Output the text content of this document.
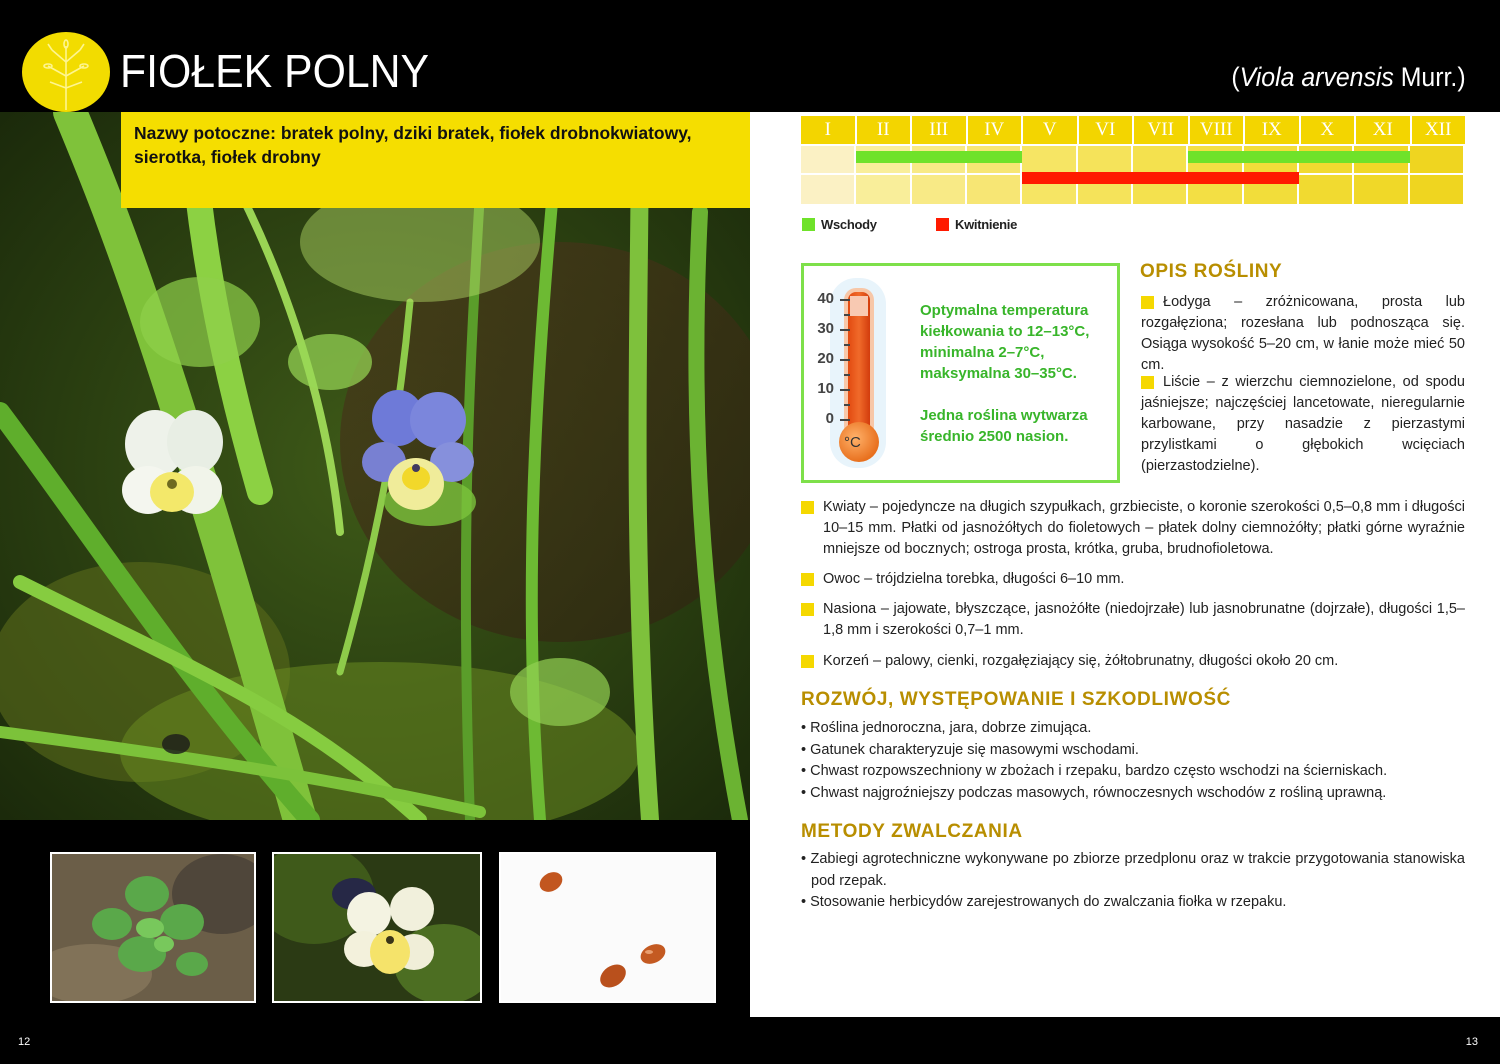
FIOŁEK POLNY	(Viola arvensis Murr.)
Nazwy potoczne: bratek polny, dziki bratek, fiołek drobnokwiatowy, sierotka, fiołek drobny
12
I	II	III	IV	V	VI	VII	VIII	IX	X	XI	XII
Wschody	Kwitnienie
40
30
20
10
0
°C

Optymalna temperatura kiełkowania to 12–13°C, minimalna 2–7°C, maksymalna 30–35°C.

Jedna roślina wytwarza średnio 2500 nasion.

OPIS ROŚLINY
Łodyga – zróżnicowana, prosta lub rozgałęziona; rozesłana lub podnosząca się. Osiąga wysokość 5–20 cm, w łanie może mieć 50 cm.
Liście – z wierzchu ciemnozielone, od spodu jaśniejsze; najczęściej lancetowate, nieregularnie karbowane, przy nasadzie z pierzastymi przylistkami o głębokich wcięciach (pierzastodzielne).
Kwiaty – pojedyncze na długich szypułkach, grzbieciste, o koronie szerokości 0,5–0,8 mm i długości 10–15 mm. Płatki od jasnożółtych do fioletowych – płatek dolny ciemnożółty; płatki górne wyraźnie mniejsze od bocznych; ostroga prosta, krótka, gruba, brudnofioletowa.
Owoc – trójdzielna torebka, długości 6–10 mm.
Nasiona – jajowate, błyszczące, jasnożółte (niedojrzałe) lub jasnobrunatne (dojrzałe), długości 1,5–1,8 mm i szerokości 0,7–1 mm.
Korzeń – palowy, cienki, rozgałęziający się, żółtobrunatny, długości około 20 cm.
ROZWÓJ, WYSTĘPOWANIE I SZKODLIWOŚĆ
• Roślina jednoroczna, jara, dobrze zimująca.
• Gatunek charakteryzuje się masowymi wschodami.
• Chwast rozpowszechniony w zbożach i rzepaku, bardzo często wschodzi na ścierniskach.
• Chwast najgroźniejszy podczas masowych, równoczesnych wschodów z rośliną uprawną.
METODY ZWALCZANIA
• Zabiegi agrotechniczne wykonywane po zbiorze przedplonu oraz w trakcie przygotowania stanowiska pod rzepak.
• Stosowanie herbicydów zarejestrowanych do zwalczania fiołka w rzepaku.
13
